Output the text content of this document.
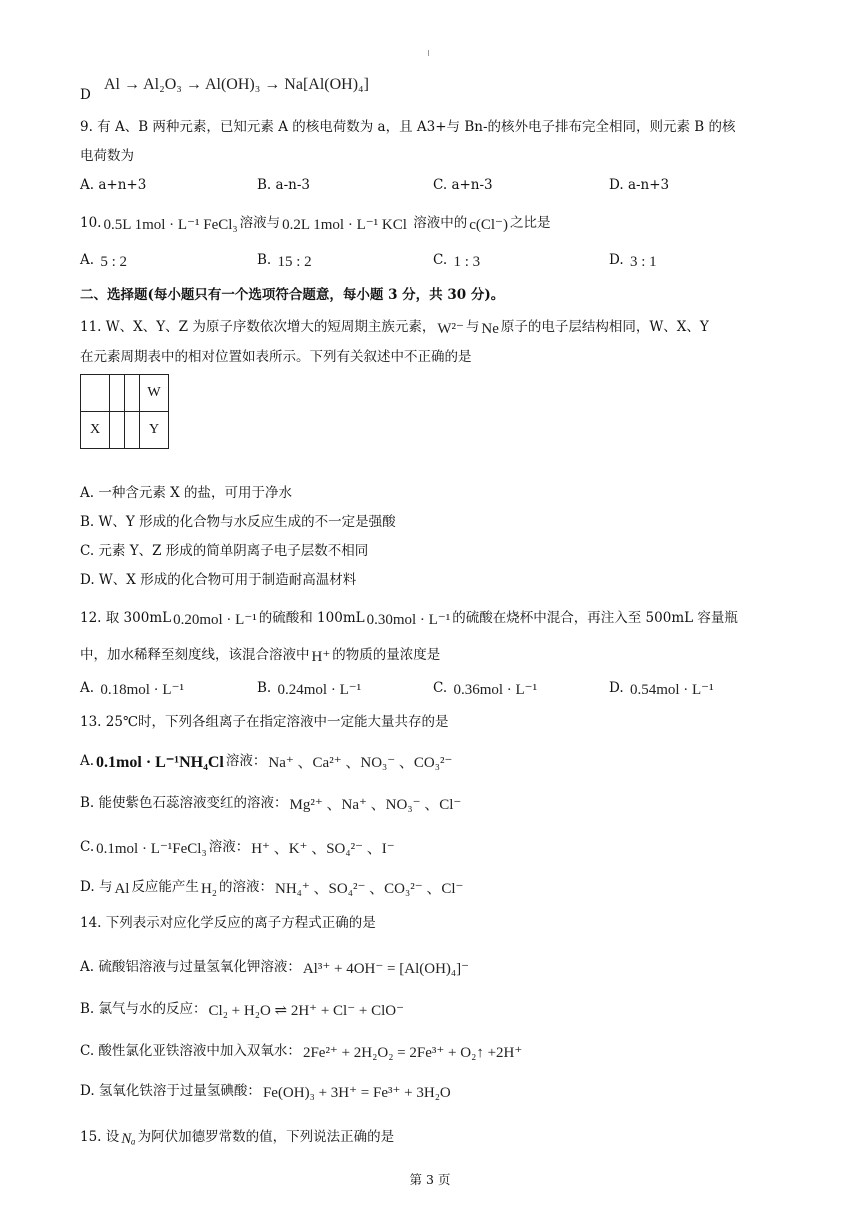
D
Al → Al₂O₃ → Al(OH)₃ → Na[Al(OH)₄]
9. 有 A、B 两种元素，已知元素 A 的核电荷数为 a，且 A3+与 Bn-的核外电子排布完全相同，则元素 B 的核
电荷数为
A. a+n+3	B. a-n-3	C. a+n-3	D. a-n+3
10. 0.5L 1mol · L⁻¹ FeCl₃ 溶液与 0.2L 1mol · L⁻¹ KCl 溶液中的 c(Cl⁻) 之比是
A. 5 : 2	B. 15 : 2	C. 1 : 3	D. 3 : 1
二、选择题(每小题只有一个选项符合题意，每小题 3 分，共 30 分)。
11. W、X、Y、Z 为原子序数依次增大的短周期主族元素， W²⁻ 与 Ne 原子的电子层结构相同，W、X、Y
在元素周期表中的相对位置如表所示。下列有关叙述中不正确的是
			W
X			Y
A. 一种含元素 X 的盐，可用于净水
B. W、Y 形成的化合物与水反应生成的不一定是强酸
C. 元素 Y、Z 形成的简单阴离子电子层数不相同
D. W、X 形成的化合物可用于制造耐高温材料
12. 取 300mL 0.20mol · L⁻¹ 的硫酸和 100mL 0.30mol · L⁻¹ 的硫酸在烧杯中混合，再注入至 500mL 容量瓶
中，加水稀释至刻度线，该混合溶液中 H⁺ 的物质的量浓度是
A. 0.18mol · L⁻¹	B. 0.24mol · L⁻¹	C. 0.36mol · L⁻¹	D. 0.54mol · L⁻¹
13. 25℃时，下列各组离子在指定溶液中一定能大量共存的是
A. 0.1mol · L⁻¹NH₄Cl 溶液： Na⁺ 、Ca²⁺ 、NO₃⁻ 、CO₃²⁻
B. 能使紫色石蕊溶液变红的溶液： Mg²⁺ 、Na⁺ 、NO₃⁻ 、Cl⁻
C. 0.1mol · L⁻¹FeCl₃ 溶液： H⁺ 、K⁺ 、SO₄²⁻ 、I⁻
D. 与 Al 反应能产生 H₂ 的溶液： NH₄⁺ 、SO₄²⁻ 、CO₃²⁻ 、Cl⁻
14. 下列表示对应化学反应的离子方程式正确的是
A. 硫酸铝溶液与过量氢氧化钾溶液： Al³⁺ + 4OH⁻ = [Al(OH)₄]⁻
B. 氯气与水的反应： Cl₂ + H₂O ⇌ 2H⁺ + Cl⁻ + ClO⁻
C. 酸性氯化亚铁溶液中加入双氧水： 2Fe²⁺ + 2H₂O₂ = 2Fe³⁺ + O₂↑ +2H⁺
D. 氢氧化铁溶于过量氢碘酸： Fe(OH)₃ + 3H⁺ = Fe³⁺ + 3H₂O
15. 设 Nₐ 为阿伏加德罗常数的值，下列说法正确的是
第 3 页
